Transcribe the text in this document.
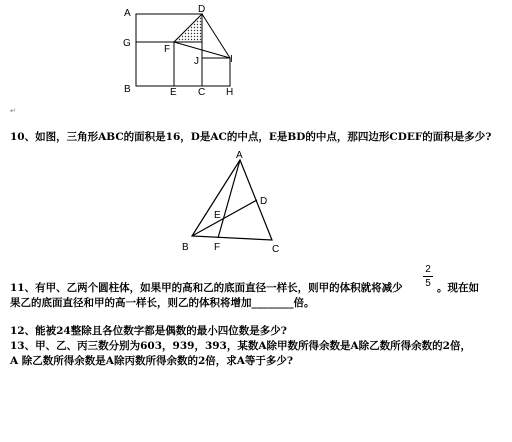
A	D
G
F
J	I
B	E C H
↵
10、如图，三角形ABC的面积是16，D是AC的中点，E是BD的中点，那四边形CDEF的面积是多少?
A
D
E
B	F	C
11、有甲、乙两个圆柱体，如果甲的高和乙的底面直径一样长，则甲的体积就将减少
2
5 。现在如
果乙的底面直径和甲的高一样长，则乙的体积将增加________倍。
12、能被24整除且各位数字都是偶数的最小四位数是多少?
13、甲、乙、丙三数分别为603，939，393，某数A除甲数所得余数是A除乙数所得余数的2倍，
A 除乙数所得余数是A除丙数所得余数的2倍，求A等于多少?
